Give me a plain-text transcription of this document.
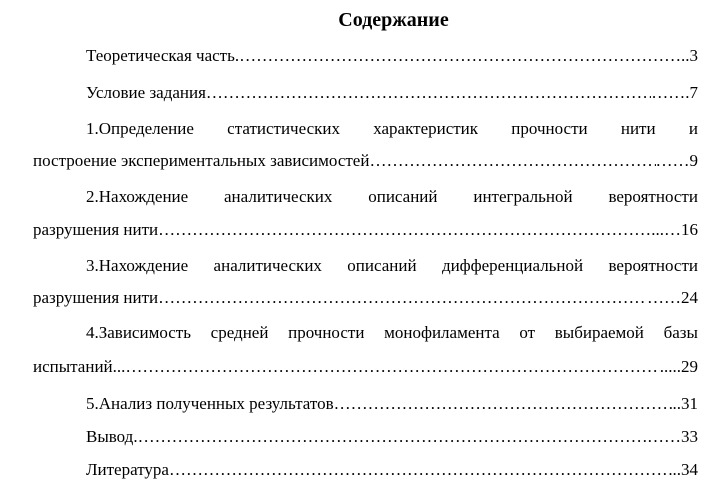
Содержание
Теоретическая часть. ……………………………………………………………………………………………………………………………………………………………………………………	..3
Условие задания ……………………………………………………………………………………………………………………………………………………………………………………	…….7
1.Определение статистических характеристик прочности нити и
построение экспериментальных зависимостей ……………………………………………………………………………………………………………………………………………………………………………………	……9
2.Нахождение аналитических описаний интегральной вероятности
разрушения нити ……………………………………………………………………………………………………………………………………………………………………………………	...…16
3.Нахождение аналитических описаний дифференциальной вероятности
разрушения нити ……………………………………………………………………………………………………………………………………………………………………………………	……24
4.Зависимость средней прочности монофиламента от выбираемой базы
испытаний... ……………………………………………………………………………………………………………………………………………………………………………………	.....29
5.Анализ полученных результатов ……………………………………………………………………………………………………………………………………………………………………………………	..31
Вывод. ……………………………………………………………………………………………………………………………………………………………………………………	……33
Литература ……………………………………………………………………………………………………………………………………………………………………………………	..34
